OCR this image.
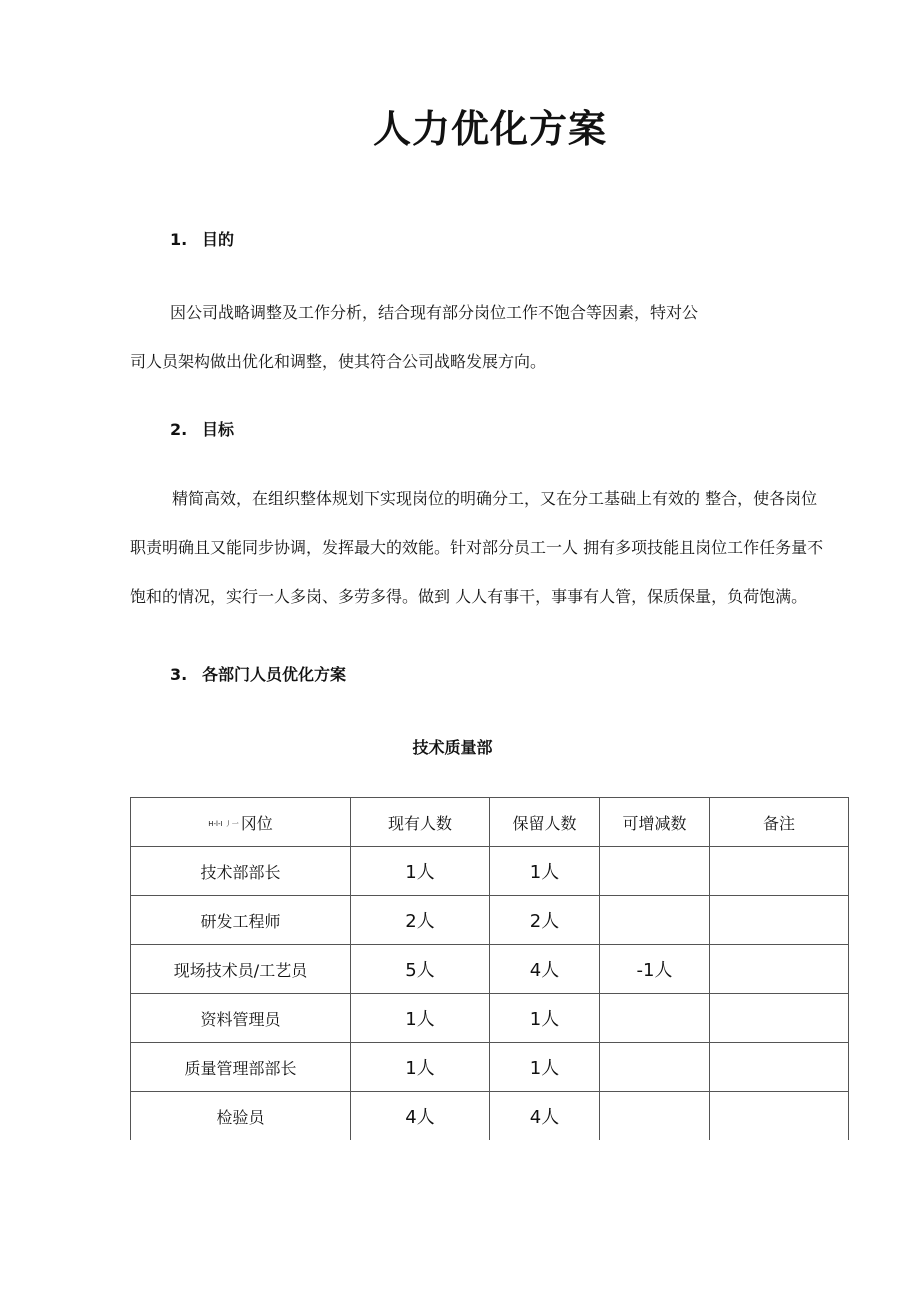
人力优化方案
1. 目的
因公司战略调整及工作分析，结合现有部分岗位工作不饱合等因素，特对公
司人员架构做出优化和调整，使其符合公司战略发展方向。
2. 目标
精简高效，在组织整体规划下实现岗位的明确分工，又在分工基础上有效的 整合，使各岗位
职责明确且又能同步协调，发挥最大的效能。针对部分员工一人 拥有多项技能且岗位工作任务量不
饱和的情况，实行一人多岗、多劳多得。做到 人人有事干，事事有人管，保质保量，负荷饱满。
3. 各部门人员优化方案
技术质量部
H-l-I 丿一 冈位	现有人数	保留人数	可增减数	备注
技术部部长	1人	1人		
研发工程师	2人	2人		
现场技术员/工艺员	5人	4人	-1人	
资料管理员	1人	1人		
质量管理部部长	1人	1人		
检验员	4人	4人		
